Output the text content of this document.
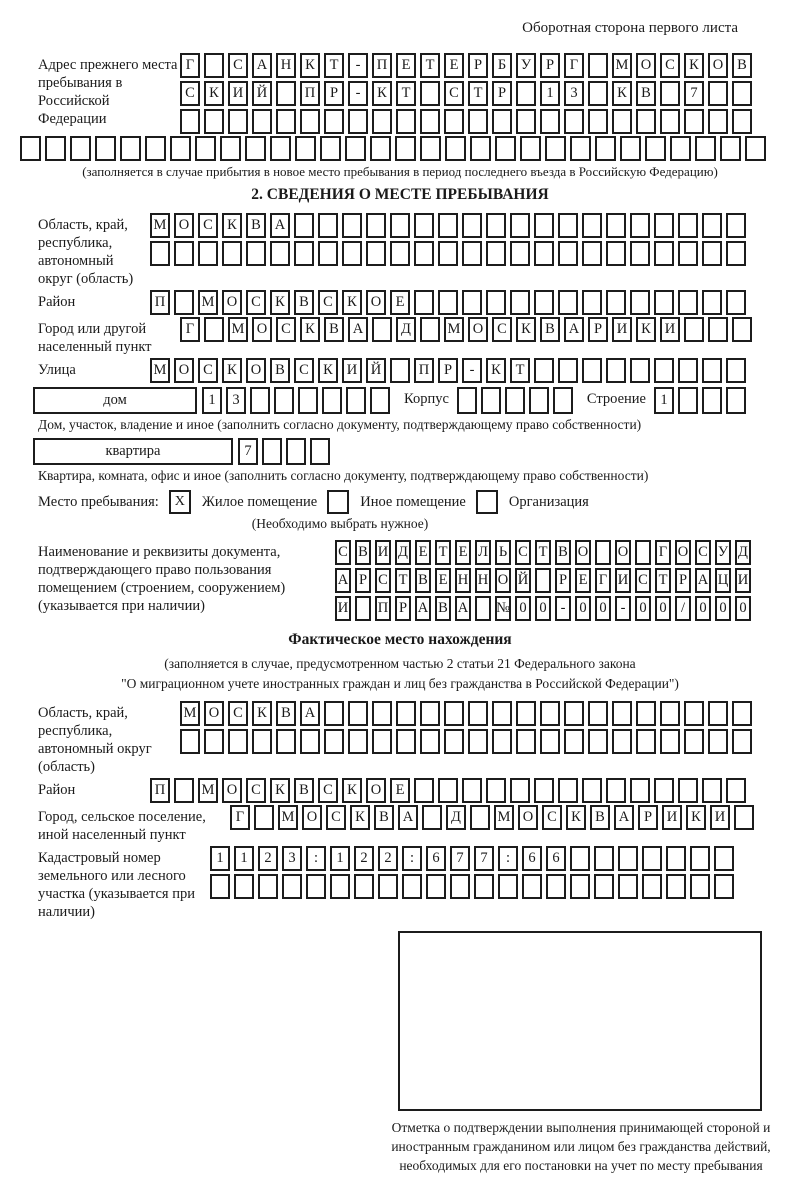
Оборотная сторона первого листа
Адрес прежнего места пребывания в Российской Федерации
Г	С А Н К	Т	-	П Е	Т	Е	Р	Б	У	Р	Г	М О С К О В
С К И Й	П	Р	-	К	Т	С	Т	Р	1	3	К В	7
(заполняется в случае прибытия в новое место пребывания в период последнего въезда в Российскую Федерацию)
2. СВЕДЕНИЯ О МЕСТЕ ПРЕБЫВАНИЯ
Область, край, республика, автономный округ (область)
М О С К В А
Район	П	М О С К В С К О Е
Город или другой населенный пункт
Г	М О С К В А	Д	М О С К В А	Р	И К И
Улица	М О С К О В С К И Й	П	Р	-	К	Т
дом	1	3	Корпус	Строение 1
Дом, участок, владение и иное (заполнить согласно документу, подтверждающему право собственности)
квартира	7
Квартира, комната, офис и иное (заполнить согласно документу, подтверждающему право собственности)
Место пребывания:	X	Жилое помещение	Иное помещение	Организация
(Необходимо выбрать нужное)
Наименование и реквизиты документа, подтверждающего право пользования помещением (строением, сооружением) (указывается при наличии)
С В И Д Е Т Е Л Ь С Т В О О Г О С У Д
А Р С Т В Е Н Н О Й Р Е Г И С Т Р А Ц И
И П Р А В А № 0 0 - 0 0 - 0 0 / 0 0 0
Фактическое место нахождения
(заполняется в случае, предусмотренном частью 2 статьи 21 Федерального закона
"О миграционном учете иностранных граждан и лиц без гражданства в Российской Федерации")
Область, край, республика, автономный округ (область)
М О С К В А
Район	П	М О С К В С К О Е
Город, сельское поселение, иной населенный пункт
Г	М О С К В А	Д	М О С К В А	Р	И К И
Кадастровый номер земельного или лесного участка (указывается при наличии)
1	1	2	3	:	1	2	2	:	6	7	7	:	6	6
Отметка о подтверждении выполнения принимающей стороной и иностранным гражданином или лицом без гражданства действий, необходимых для его постановки на учет по месту пребывания
